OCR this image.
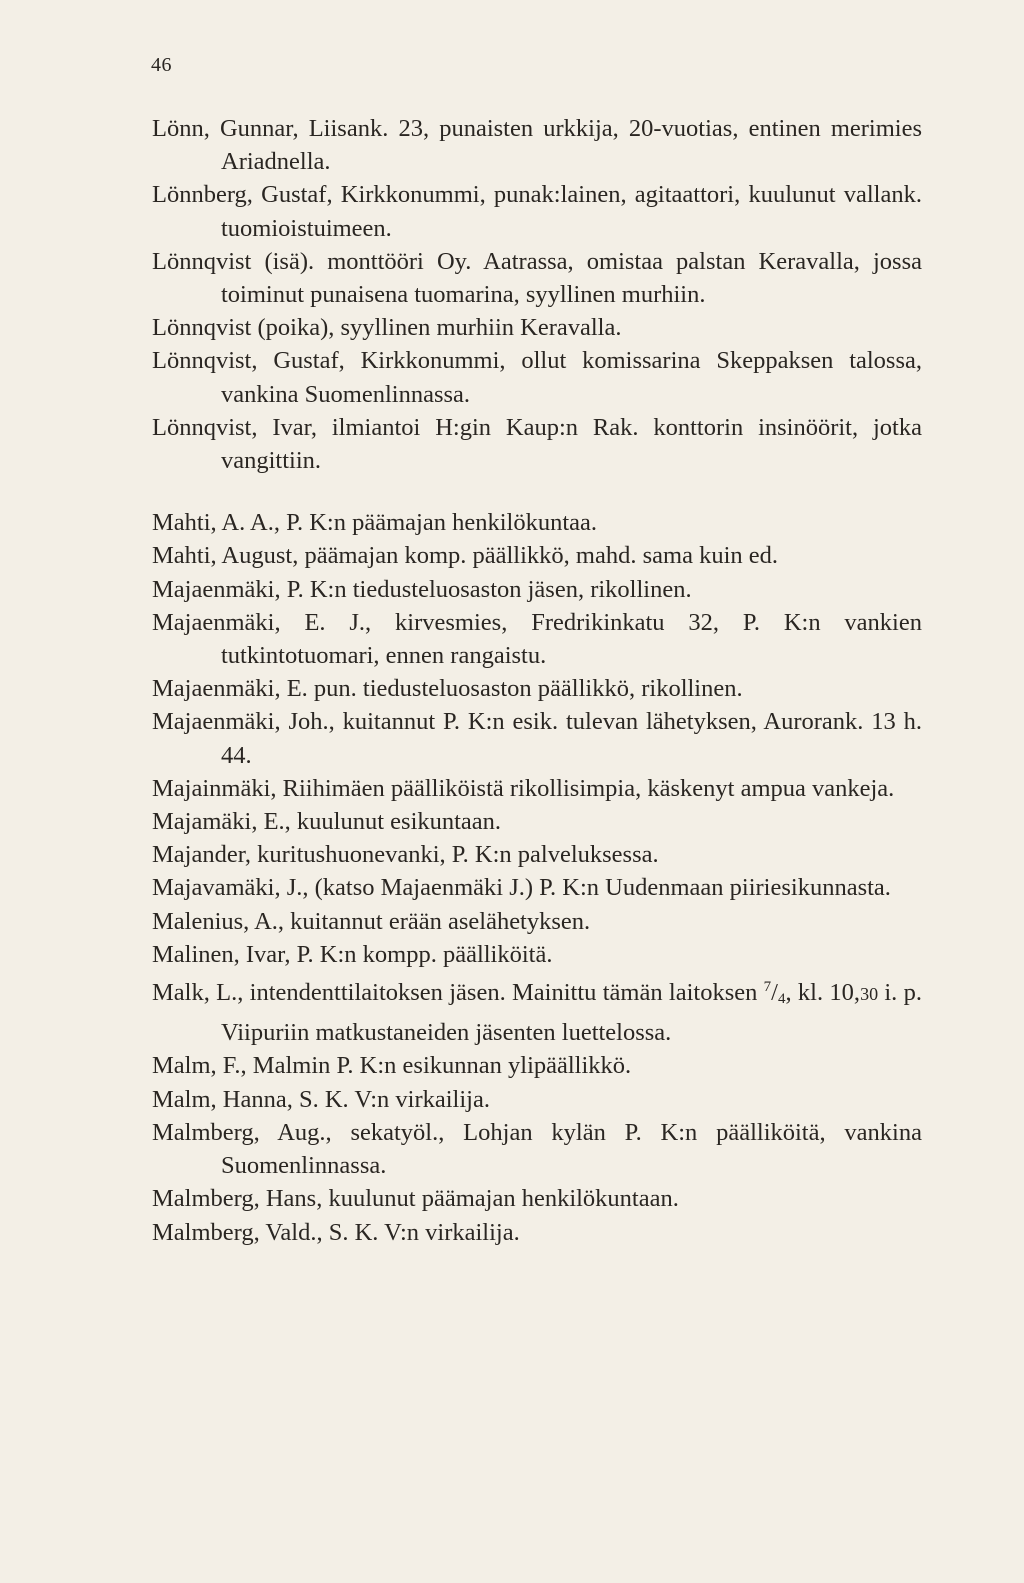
46

Lönn, Gunnar, Liisank. 23, punaisten urkkija, 20-vuotias, entinen merimies Ariadnella.

Lönnberg, Gustaf, Kirkkonummi, punak:lainen, agitaattori, kuulunut vallank. tuomioistuimeen.

Lönnqvist (isä). monttööri Oy. Aatrassa, omistaa palstan Keravalla, jossa toiminut punaisena tuomarina, syyllinen murhiin.

Lönnqvist (poika), syyllinen murhiin Keravalla.

Lönnqvist, Gustaf, Kirkkonummi, ollut komissarina Skeppaksen talossa, vankina Suomenlinnassa.

Lönnqvist, Ivar, ilmiantoi H:gin Kaup:n Rak. konttorin insinöörit, jotka vangittiin.

Mahti, A. A., P. K:n päämajan henkilökuntaa.

Mahti, August, päämajan komp. päällikkö, mahd. sama kuin ed.

Majaenmäki, P. K:n tiedusteluosaston jäsen, rikollinen.

Majaenmäki, E. J., kirvesmies, Fredrikinkatu 32, P. K:n vankien tutkintotuomari, ennen rangaistu.

Majaenmäki, E. pun. tiedusteluosaston päällikkö, rikollinen.

Majaenmäki, Joh., kuitannut P. K:n esik. tulevan lähetyksen, Aurorank. 13 h. 44.

Majainmäki, Riihimäen päälliköistä rikollisimpia, käskenyt ampua vankeja.

Majamäki, E., kuulunut esikuntaan.

Majander, kuritushuonevanki, P. K:n palveluksessa.

Majavamäki, J., (katso Majaenmäki J.) P. K:n Uudenmaan piiriesikunnasta.

Malenius, A., kuitannut erään aselähetyksen.

Malinen, Ivar, P. K:n kompp. päälliköitä.

Malk, L., intendenttilaitoksen jäsen. Mainittu tämän laitoksen $^7$/4, kl. 10,30 i. p. Viipuriin matkustaneiden jäsenten luettelossa.

Malm, F., Malmin P. K:n esikunnan ylipäällikkö.

Malm, Hanna, S. K. V:n virkailija.

Malmberg, Aug., sekatyöl., Lohjan kylän P. K:n päälliköitä, vankina Suomenlinnassa.

Malmberg, Hans, kuulunut päämajan henkilökuntaan.

Malmberg, Vald., S. K. V:n virkailija.
